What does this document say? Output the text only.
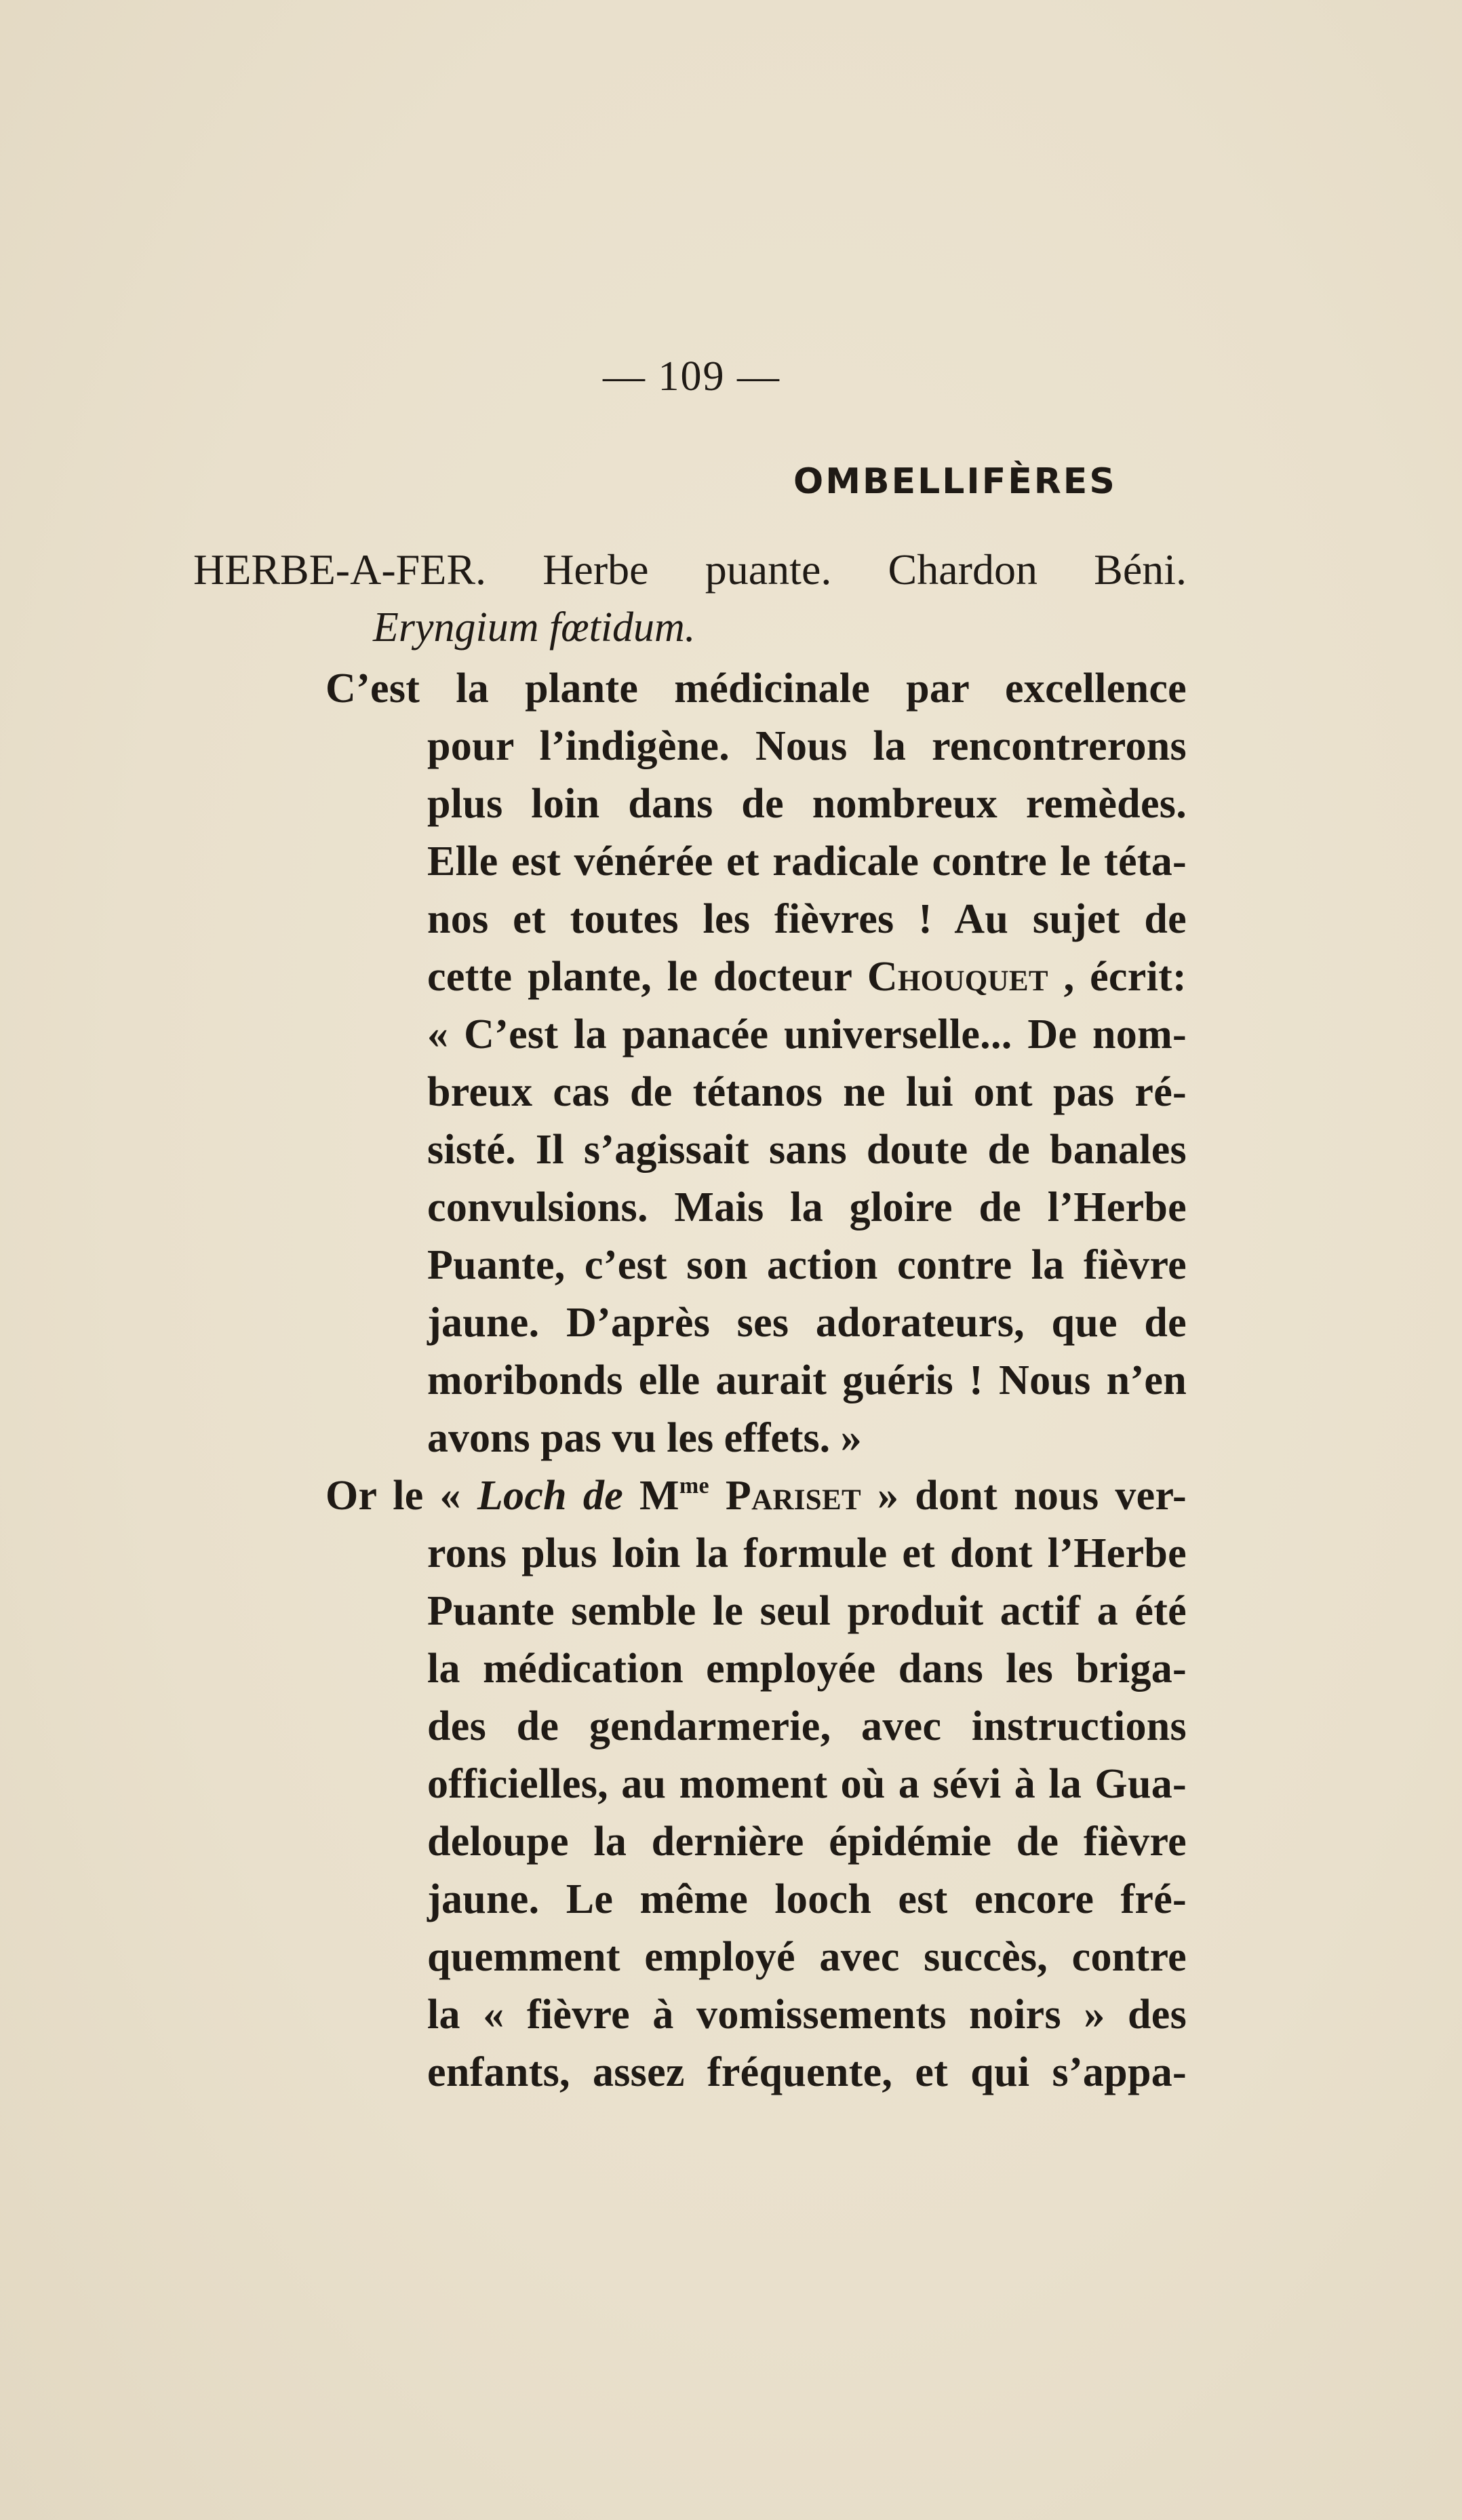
— 109 —
OMBELLIFÈRES
HERBE-A-FER. Herbe puante. Chardon Béni.
Eryngium fœtidum.
C’est la plante médicinale par excellence
pour l’indigène. Nous la rencontrerons
plus loin dans de nombreux remèdes.
Elle est vénérée et radicale contre le téta-
nos et toutes les fièvres ! Au sujet de
cette plante, le docteur Chouquet , écrit:
« C’est la panacée universelle... De nom-
breux cas de tétanos ne lui ont pas ré-
sisté. Il s’agissait sans doute de banales
convulsions. Mais la gloire de l’Herbe
Puante, c’est son action contre la fièvre
jaune. D’après ses adorateurs, que de
moribonds elle aurait guéris ! Nous n’en
avons pas vu les effets. »
Or le « Loch de $M^{me}$ Pariset » dont nous ver-
rons plus loin la formule et dont l’Herbe
Puante semble le seul produit actif a été
la médication employée dans les briga-
des de gendarmerie, avec instructions
officielles, au moment où a sévi à la Gua-
deloupe la dernière épidémie de fièvre
jaune. Le même looch est encore fré-
quemment employé avec succès, contre
la « fièvre à vomissements noirs » des
enfants, assez fréquente, et qui s’appa-
